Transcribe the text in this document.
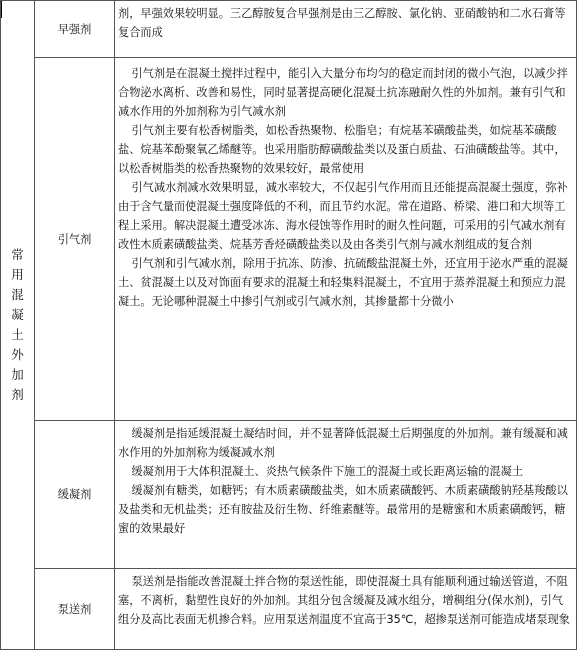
常用混凝土外加剂	早强剂	剂，早强效果较明显。三乙醇胺复合早强剂是由三乙醇胺、氯化钠、亚硝酸钠和二水石膏等复合而成

	引气剂	引气剂是在混凝土搅拌过程中，能引入大量分布均匀的稳定而封闭的微小气泡，以减少拌合物泌水离析、改善和易性，同时显著提高硬化混凝土抗冻融耐久性的外加剂。兼有引气和减水作用的外加剂称为引气减水剂

引气剂主要有松香树脂类，如松香热聚物、松脂皂；有烷基苯磺酸盐类，如烷基苯磺酸盐、烷基苯酚聚氧乙烯醚等。也采用脂肪醇磺酸盐类以及蛋白质盐、石油磺酸盐等。其中，以松香树脂类的松香热聚物的效果较好，最常使用

引气减水剂减水效果明显，减水率较大，不仅起引气作用而且还能提高混凝土强度，弥补由于含气量而使混凝土强度降低的不利，而且节约水泥。常在道路、桥梁、港口和大坝等工程上采用。解决混凝土遭受冰冻、海水侵蚀等作用时的耐久性问题，可采用的引气减水剂有改性木质素磺酸盐类、烷基芳香烃磺酸盐类以及由各类引气剂与减水剂组成的复合剂

引气剂和引气减水剂，除用于抗冻、防渗、抗硫酸盐混凝土外，还宜用于泌水严重的混凝土、贫混凝土以及对饰面有要求的混凝土和轻集料混凝土，不宜用于蒸养混凝土和预应力混凝土。无论哪种混凝土中掺引气剂或引气减水剂，其掺量都十分微小

	缓凝剂	缓凝剂是指延缓混凝土凝结时间，并不显著降低混凝土后期强度的外加剂。兼有缓凝和减水作用的外加剂称为缓凝减水剂

缓凝剂用于大体积混凝土、炎热气候条件下施工的混凝土或长距离运输的混凝土

缓凝剂有糖类，如糖钙；有木质素磺酸盐类，如木质素磺酸钙、木质素磺酸钠羟基羧酸以及盐类和无机盐类；还有胺盐及衍生物、纤维素醚等。最常用的是糖蜜和木质素磺酸钙，糖蜜的效果最好

	泵送剂	泵送剂是指能改善混凝土拌合物的泵送性能，即使混凝土具有能顺利通过输送管道，不阻塞，不离析，黏塑性良好的外加剂。其组分包含缓凝及减水组分，增稠组分(保水剂)，引气组分及高比表面无机掺合料。应用泵送剂温度不宜高于35℃，超掺泵送剂可能造成堵泵现象
